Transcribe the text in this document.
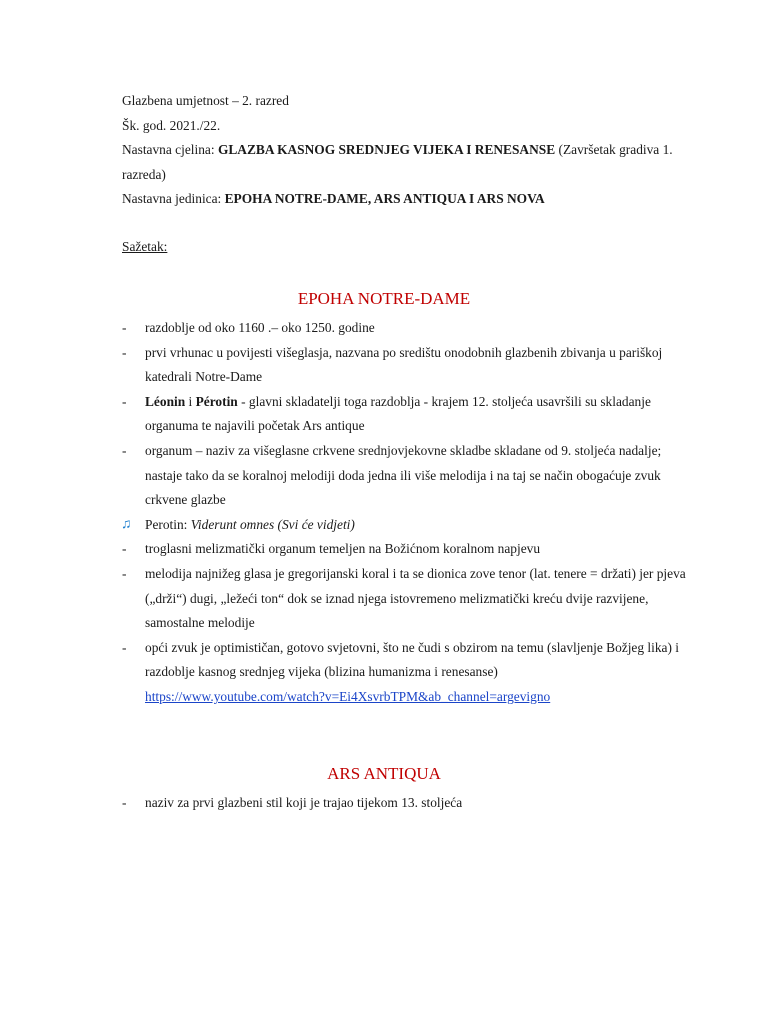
Glazbena umjetnost – 2. razred

Šk. god. 2021./22.

Nastavna cjelina: GLAZBA KASNOG SREDNJEG VIJEKA I RENESANSE (Završetak gradiva 1. razreda)

Nastavna jedinica: EPOHA NOTRE-DAME, ARS ANTIQUA I ARS NOVA

Sažetak:

EPOHA NOTRE-DAME
- razdoblje od oko 1160 .– oko 1250. godine
- prvi vrhunac u povijesti višeglasja, nazvana po središtu onodobnih glazbenih zbivanja u pariškoj katedrali Notre-Dame
- Léonin i Pérotin - glavni skladatelji toga razdoblja - krajem 12. stoljeća usavršili su skladanje organuma te najavili početak Ars antique
- organum – naziv za višeglasne crkvene srednjovjekovne skladbe skladane od 9. stoljeća nadalje; nastaje tako da se koralnoj melodiji doda jedna ili više melodija i na taj se način obogaćuje zvuk crkvene glazbe
♫ Perotin: Viderunt omnes (Svi će vidjeti)
- troglasni melizmatički organum temeljen na Božićnom koralnom napjevu
- melodija najnižeg glasa je gregorijanski koral i ta se dionica zove tenor (lat. tenere = držati) jer pjeva („drži“) dugi, „ležeći ton“ dok se iznad njega istovremeno melizmatički kreću dvije razvijene, samostalne melodije
- opći zvuk je optimističan, gotovo svjetovni, što ne čudi s obzirom na temu (slavljenje Božjeg lika) i razdoblje kasnog srednjeg vijeka (blizina humanizma i renesanse)
https://www.youtube.com/watch?v=Ei4XsvrbTPM&ab_channel=argevigno
ARS ANTIQUA
- naziv za prvi glazbeni stil koji je trajao tijekom 13. stoljeća
